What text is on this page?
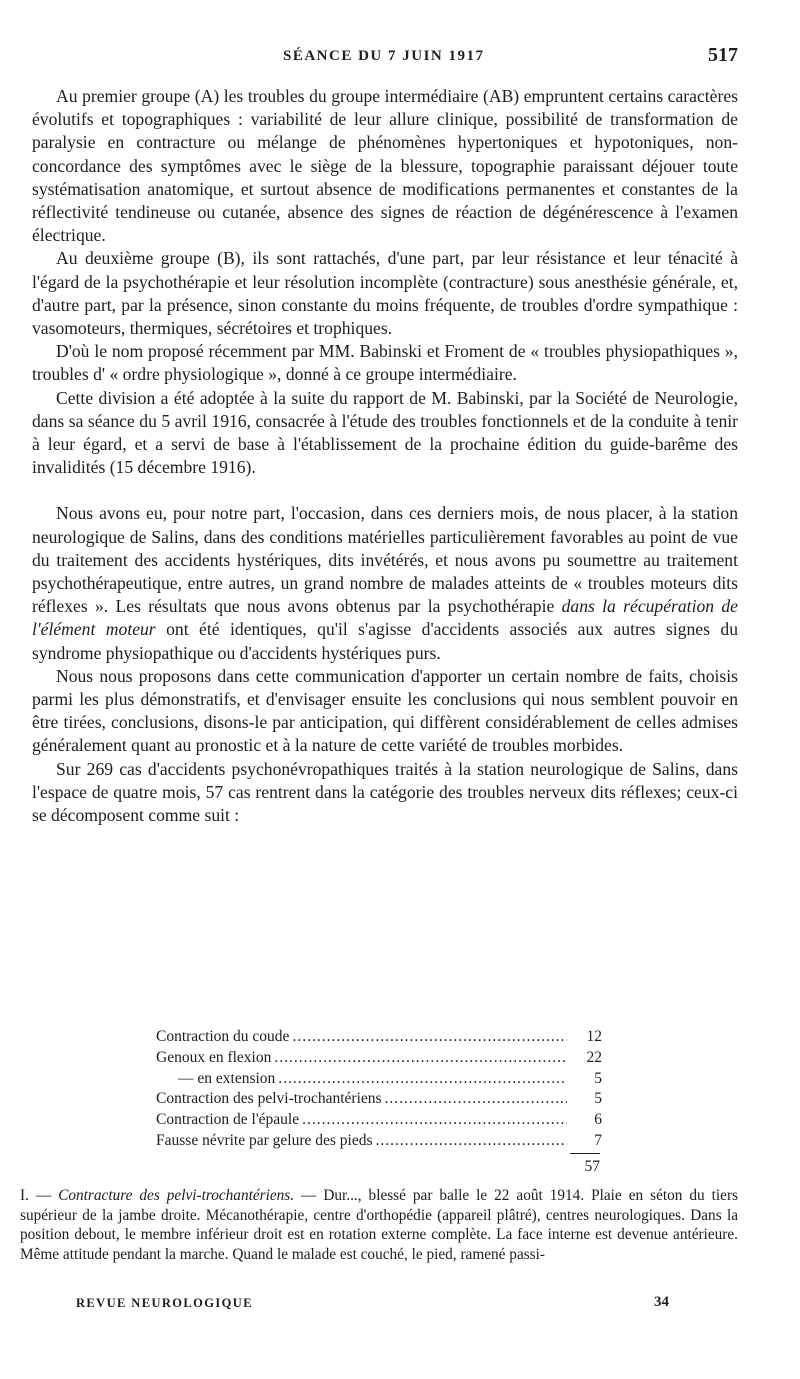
SÉANCE DU 7 JUIN 1917	517

Au premier groupe (A) les troubles du groupe intermédiaire (AB) empruntent certains caractères évolutifs et topographiques : variabilité de leur allure clinique, possibilité de transformation de paralysie en contracture ou mélange de phénomènes hypertoniques et hypotoniques, non-concordance des symptômes avec le siège de la blessure, topographie paraissant déjouer toute systématisation anatomique, et surtout absence de modifications permanentes et constantes de la réflectivité tendineuse ou cutanée, absence des signes de réaction de dégénérescence à l'examen électrique.

Au deuxième groupe (B), ils sont rattachés, d'une part, par leur résistance et leur ténacité à l'égard de la psychothérapie et leur résolution incomplète (contracture) sous anesthésie générale, et, d'autre part, par la présence, sinon constante du moins fréquente, de troubles d'ordre sympathique : vasomoteurs, thermiques, sécrétoires et trophiques.

D'où le nom proposé récemment par MM. Babinski et Froment de « troubles physiopathiques », troubles d' « ordre physiologique », donné à ce groupe intermédiaire.

Cette division a été adoptée à la suite du rapport de M. Babinski, par la Société de Neurologie, dans sa séance du 5 avril 1916, consacrée à l'étude des troubles fonctionnels et de la conduite à tenir à leur égard, et a servi de base à l'établissement de la prochaine édition du guide-barême des invalidités (15 décembre 1916).

Nous avons eu, pour notre part, l'occasion, dans ces derniers mois, de nous placer, à la station neurologique de Salins, dans des conditions matérielles particulièrement favorables au point de vue du traitement des accidents hystériques, dits invétérés, et nous avons pu soumettre au traitement psychothérapeutique, entre autres, un grand nombre de malades atteints de « troubles moteurs dits réflexes ». Les résultats que nous avons obtenus par la psychothérapie dans la récupération de l'élément moteur ont été identiques, qu'il s'agisse d'accidents associés aux autres signes du syndrome physiopathique ou d'accidents hystériques purs.

Nous nous proposons dans cette communication d'apporter un certain nombre de faits, choisis parmi les plus démonstratifs, et d'envisager ensuite les conclusions qui nous semblent pouvoir en être tirées, conclusions, disons-le par anticipation, qui diffèrent considérablement de celles admises généralement quant au pronostic et à la nature de cette variété de troubles morbides.

Sur 269 cas d'accidents psychonévropathiques traités à la station neurologique de Salins, dans l'espace de quatre mois, 57 cas rentrent dans la catégorie des troubles nerveux dits réflexes; ceux-ci se décomposent comme suit :

Contraction du coude .....	12
Genoux en flexion .....	22
— en extension .....	5
Contraction des pelvi-trochantériens .....	5
Contraction de l'épaule .....	6
Fausse névrite par gelure des pieds .....	7
57
I. — Contracture des pelvi-trochantériens. — Dur..., blessé par balle le 22 août 1914. Plaie en séton du tiers supérieur de la jambe droite. Mécanothérapie, centre d'orthopédie (appareil plâtré), centres neurologiques. Dans la position debout, le membre inférieur droit est en rotation externe complète. La face interne est devenue antérieure. Même attitude pendant la marche. Quand le malade est couché, le pied, ramené passi-
REVUE NEUROLOGIQUE	34
